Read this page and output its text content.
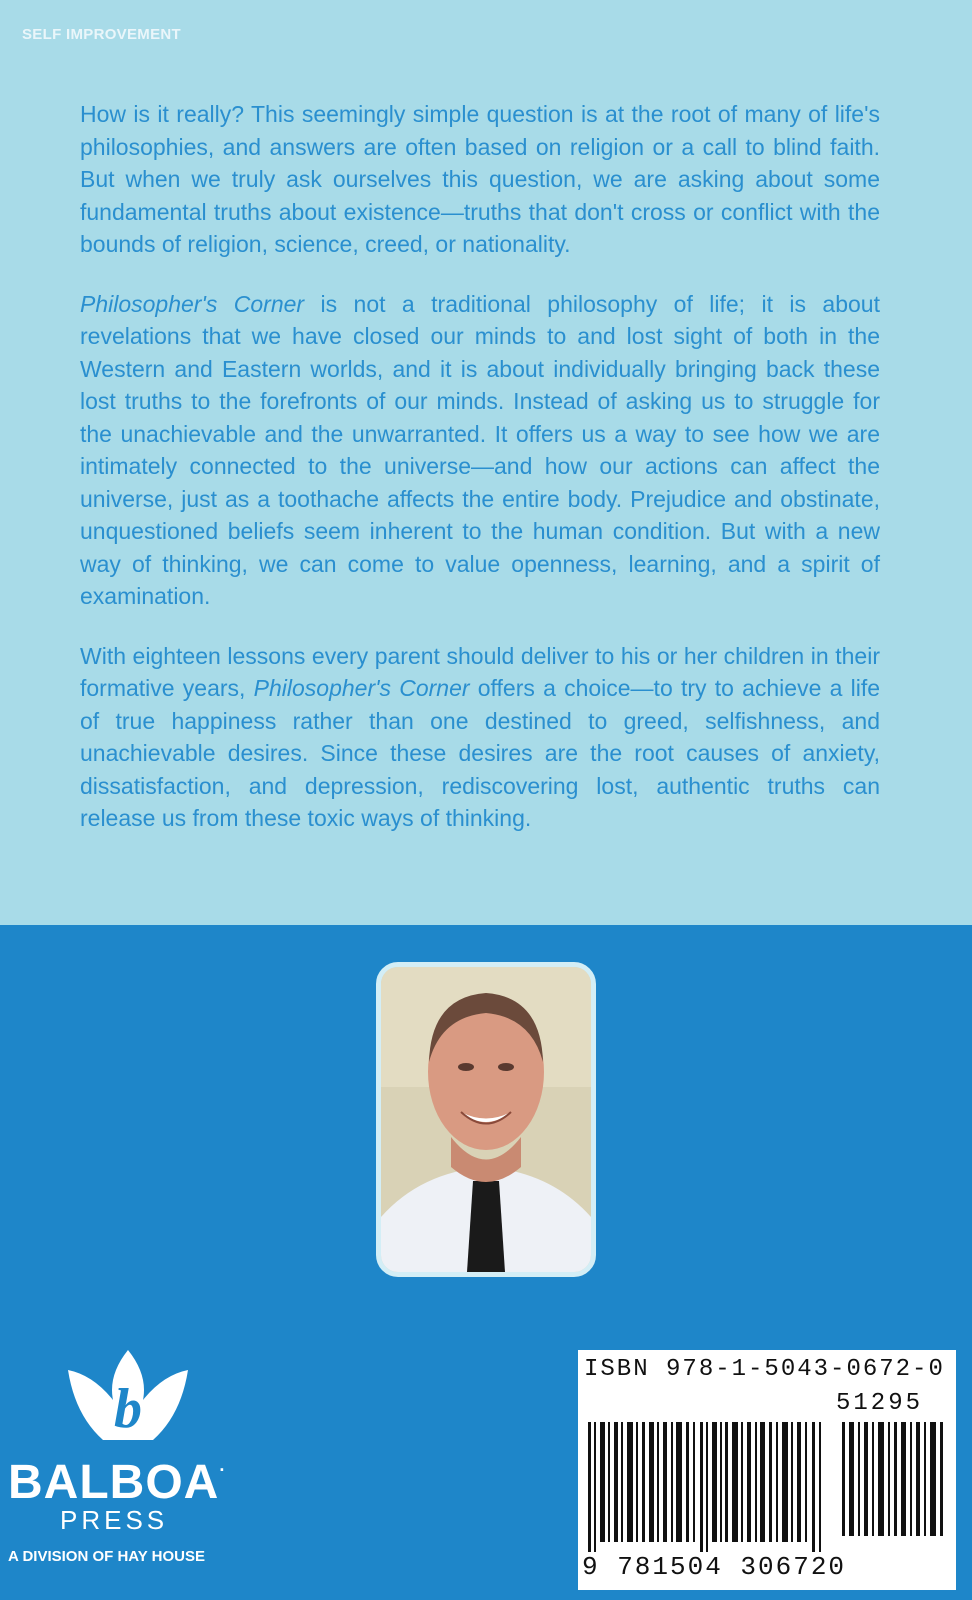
SELF IMPROVEMENT

How is it really? This seemingly simple question is at the root of many of life's philosophies, and answers are often based on religion or a call to blind faith. But when we truly ask ourselves this question, we are asking about some fundamental truths about existence—truths that don't cross or conflict with the bounds of religion, science, creed, or nationality.

Philosopher's Corner is not a traditional philosophy of life; it is about revelations that we have closed our minds to and lost sight of both in the Western and Eastern worlds, and it is about individually bringing back these lost truths to the forefronts of our minds. Instead of asking us to struggle for the unachievable and the unwarranted. It offers us a way to see how we are intimately connected to the universe—and how our actions can affect the universe, just as a toothache affects the entire body. Prejudice and obstinate, unquestioned beliefs seem inherent to the human condition. But with a new way of thinking, we can come to value openness, learning, and a spirit of examination.

With eighteen lessons every parent should deliver to his or her children in their formative years, Philosopher's Corner offers a choice—to try to achieve a life of true happiness rather than one destined to greed, selfishness, and unachievable desires. Since these desires are the root causes of anxiety, dissatisfaction, and depression, rediscovering lost, authentic truths can release us from these toxic ways of thinking.

b
BALBOA.
PRESS
A DIVISION OF HAY HOUSE
ISBN 978-1-5043-0672-0
51295
9 781504 306720
